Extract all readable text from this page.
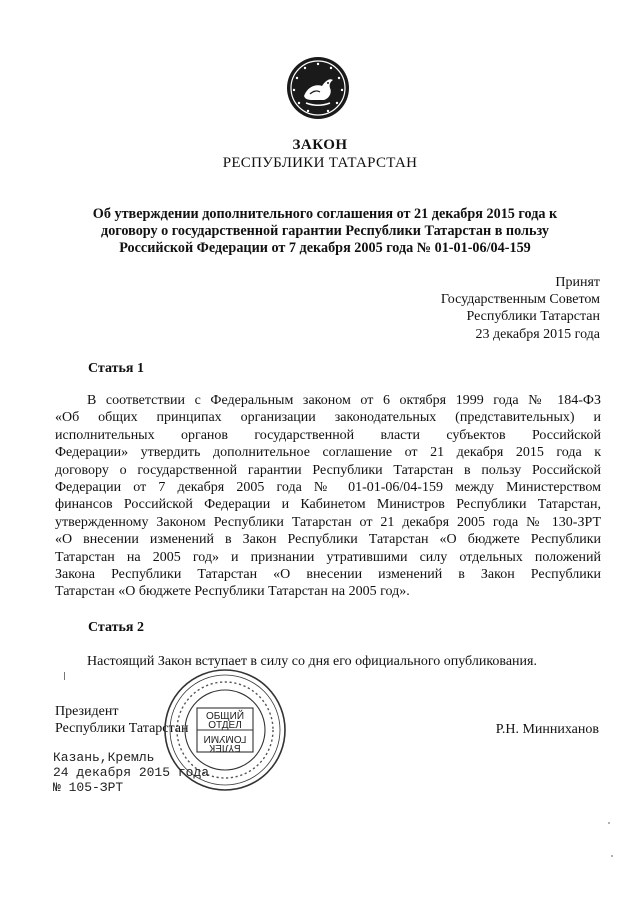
ЗАКОН
РЕСПУБЛИКИ ТАТАРСТАН
Об утверждении дополнительного соглашения от 21 декабря 2015 года к
договору о государственной гарантии Республики Татарстан в пользу
Российской Федерации от 7 декабря 2005 года № 01-01-06/04-159
Принят
Государственным Советом
Республики Татарстан
23 декабря 2015 года
Статья 1
В соответствии с Федеральным законом от 6 октября 1999 года № 184-ФЗ
«Об общих принципах организации законодательных (представительных) и
исполнительных органов государственной власти субъектов Российской
Федерации» утвердить дополнительное соглашение от 21 декабря 2015 года к
договору о государственной гарантии Республики Татарстан в пользу Российской
Федерации от 7 декабря 2005 года № 01-01-06/04-159 между Министерством
финансов Российской Федерации и Кабинетом Министров Республики Татарстан,
утвержденному Законом Республики Татарстан от 21 декабря 2005 года № 130-ЗРТ
«О внесении изменений в Закон Республики Татарстан «О бюджете Республики
Татарстан на 2005 год» и признании утратившими силу отдельных положений
Закона Республики Татарстан «О внесении изменений в Закон Республики
Татарстан «О бюджете Республики Татарстан на 2005 год».
Статья 2
Настоящий Закон вступает в силу со дня его официального опубликования.
Президент
Республики Татарстан	Р.Н. Минниханов
ОБЩИЙ
ОТДЕЛ
БҮЛЕК
ГОМУМИ
Казань,Кремль
24 декабря 2015 года
№ 105-ЗРТ
